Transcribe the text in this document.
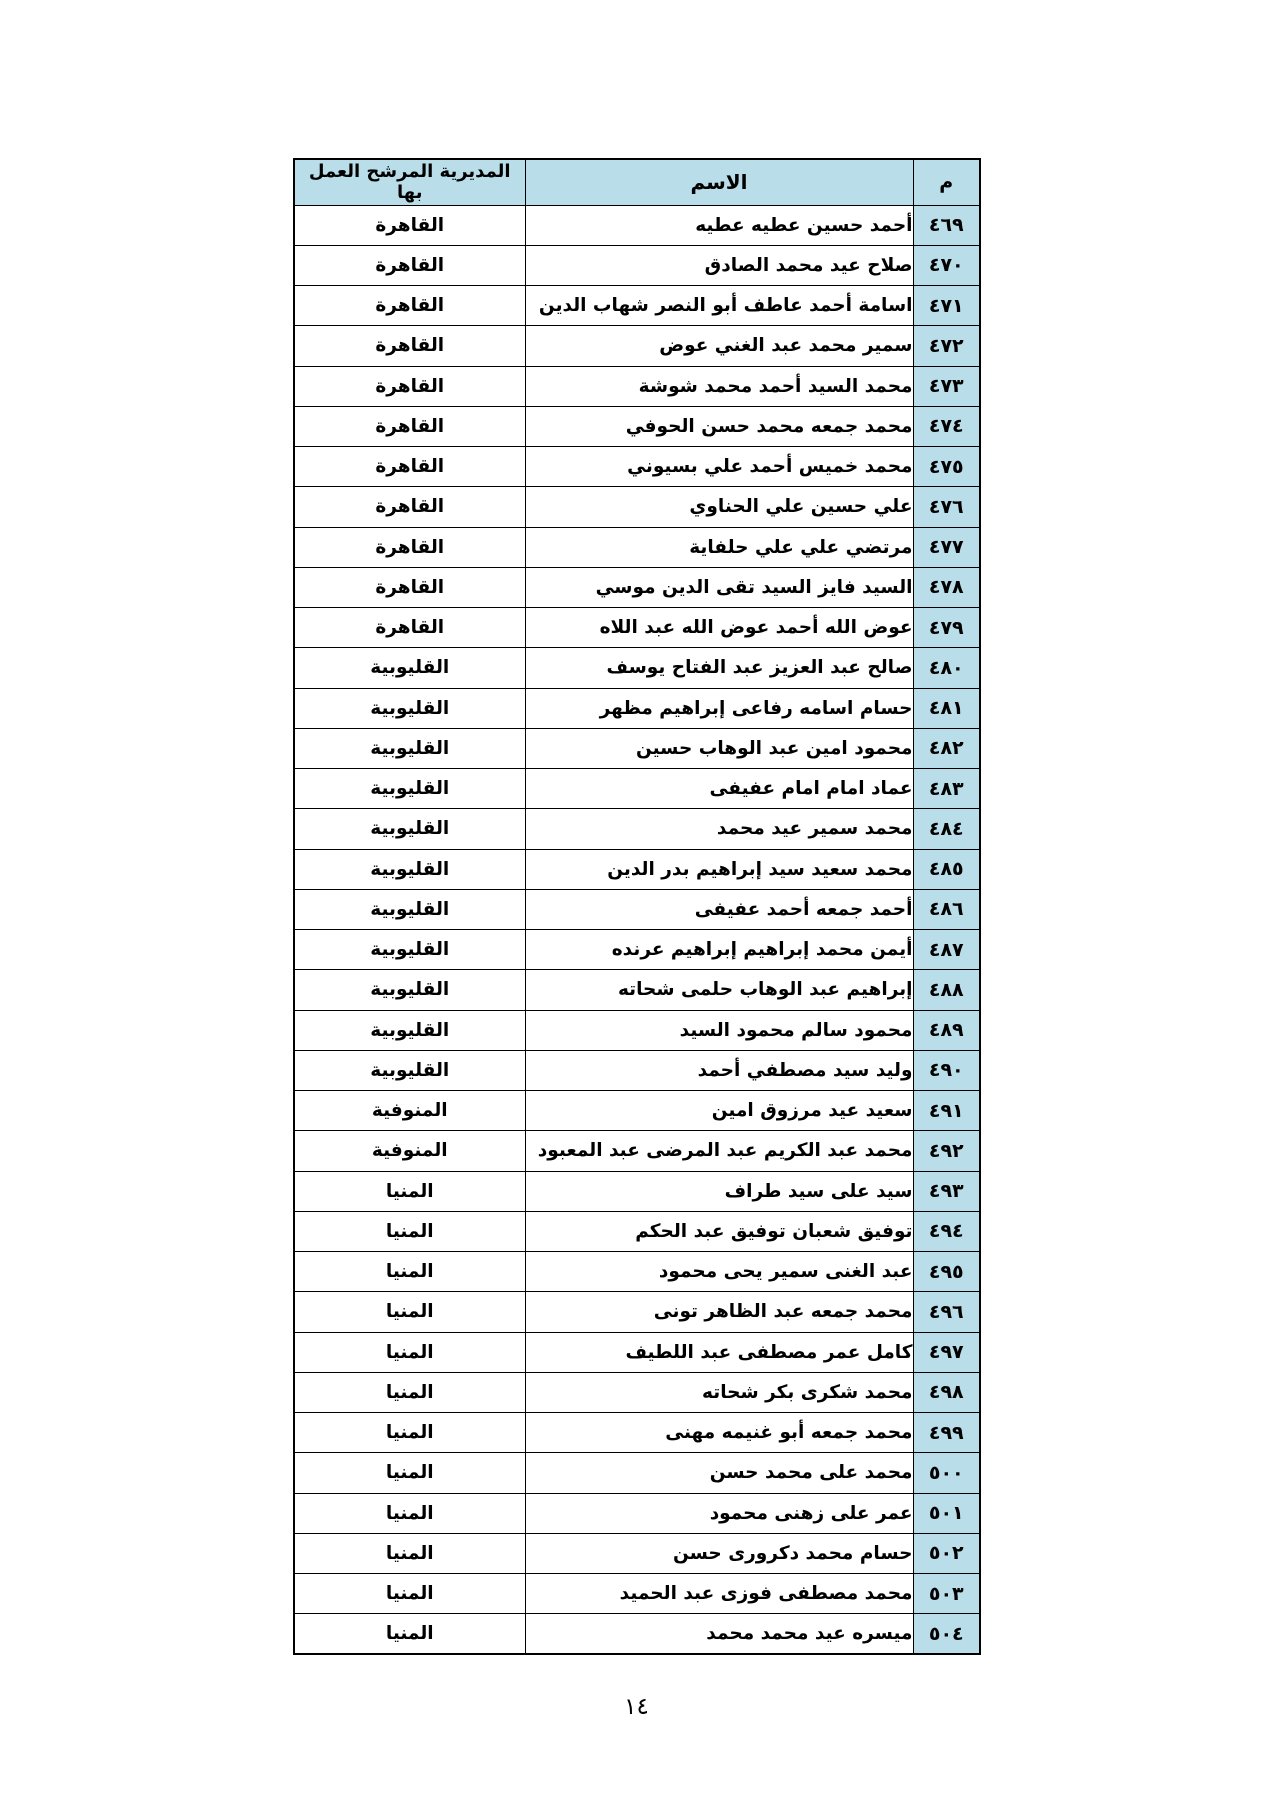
م	الاسم	المديرية المرشح العمل بها
٤٦٩	أحمد حسين عطيه عطيه	القاهرة
٤٧٠	صلاح عيد محمد الصادق	القاهرة
٤٧١	اسامة أحمد عاطف أبو النصر شهاب الدين	القاهرة
٤٧٢	سمير محمد عبد الغني عوض	القاهرة
٤٧٣	محمد السيد أحمد محمد شوشة	القاهرة
٤٧٤	محمد جمعه محمد حسن الحوفي	القاهرة
٤٧٥	محمد خميس أحمد علي بسيوني	القاهرة
٤٧٦	علي حسين علي الحناوي	القاهرة
٤٧٧	مرتضي علي علي حلفاية	القاهرة
٤٧٨	السيد فايز السيد تقى الدين موسي	القاهرة
٤٧٩	عوض الله أحمد عوض الله عبد اللاه	القاهرة
٤٨٠	صالح عبد العزيز عبد الفتاح يوسف	القليوبية
٤٨١	حسام اسامه رفاعى إبراهيم مظهر	القليوبية
٤٨٢	محمود امين عبد الوهاب حسين	القليوبية
٤٨٣	عماد امام امام عفيفى	القليوبية
٤٨٤	محمد سمير عيد محمد	القليوبية
٤٨٥	محمد سعيد سيد إبراهيم بدر الدين	القليوبية
٤٨٦	أحمد جمعه أحمد عفيفى	القليوبية
٤٨٧	أيمن محمد إبراهيم إبراهيم عرنده	القليوبية
٤٨٨	إبراهيم عبد الوهاب حلمى شحاته	القليوبية
٤٨٩	محمود سالم محمود السيد	القليوبية
٤٩٠	وليد سيد مصطفي أحمد	القليوبية
٤٩١	سعيد عيد مرزوق امين	المنوفية
٤٩٢	محمد عبد الكريم عبد المرضى عبد المعبود	المنوفية
٤٩٣	سيد على سيد طراف	المنيا
٤٩٤	توفيق شعبان توفيق عبد الحكم	المنيا
٤٩٥	عبد الغنى سمير يحى محمود	المنيا
٤٩٦	محمد جمعه عبد الظاهر تونى	المنيا
٤٩٧	كامل عمر مصطفى عبد اللطيف	المنيا
٤٩٨	محمد شكرى بكر شحاته	المنيا
٤٩٩	محمد جمعه أبو غنيمه مهنى	المنيا
٥٠٠	محمد على محمد حسن	المنيا
٥٠١	عمر على زهنى محمود	المنيا
٥٠٢	حسام محمد دكرورى حسن	المنيا
٥٠٣	محمد مصطفى فوزى عبد الحميد	المنيا
٥٠٤	ميسره عيد محمد محمد	المنيا
١٤
